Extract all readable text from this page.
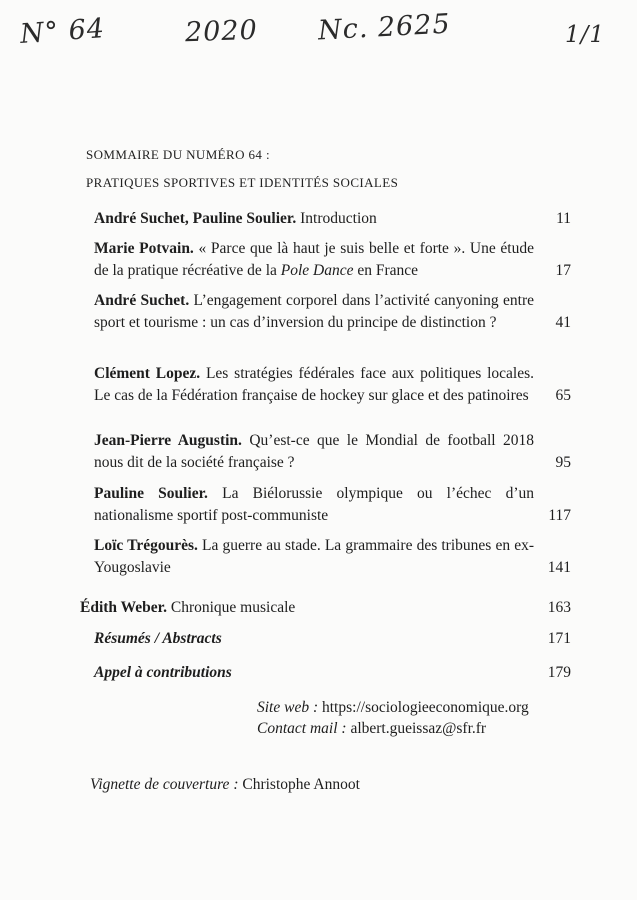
N° 64	2020 Nc. 2625	1/1
SOMMAIRE DU NUMÉRO 64 :
PRATIQUES SPORTIVES ET IDENTITÉS SOCIALES
André Suchet, Pauline Soulier. Introduction	11
Marie Potvain. « Parce que là haut je suis belle et forte ». Une étude de la pratique récréative de la Pole Dance en France	17
André Suchet. L’engagement corporel dans l’activité canyoning entre sport et tourisme : un cas d’inversion du principe de distinction ?	41
Clément Lopez. Les stratégies fédérales face aux politiques locales. Le cas de la Fédération française de hockey sur glace et des patinoires	65
Jean-Pierre Augustin. Qu’est-ce que le Mondial de football 2018 nous dit de la société française ?	95
Pauline Soulier. La Biélorussie olympique ou l’échec d’un nationalisme sportif post-communiste	117
Loïc Trégourès. La guerre au stade. La grammaire des tribunes en ex-Yougoslavie	141
Édith Weber. Chronique musicale	163
Résumés / Abstracts	171
Appel à contributions	179
Site web : https://sociologieeconomique.org
Contact mail : albert.gueissaz@sfr.fr
Vignette de couverture : Christophe Annoot
